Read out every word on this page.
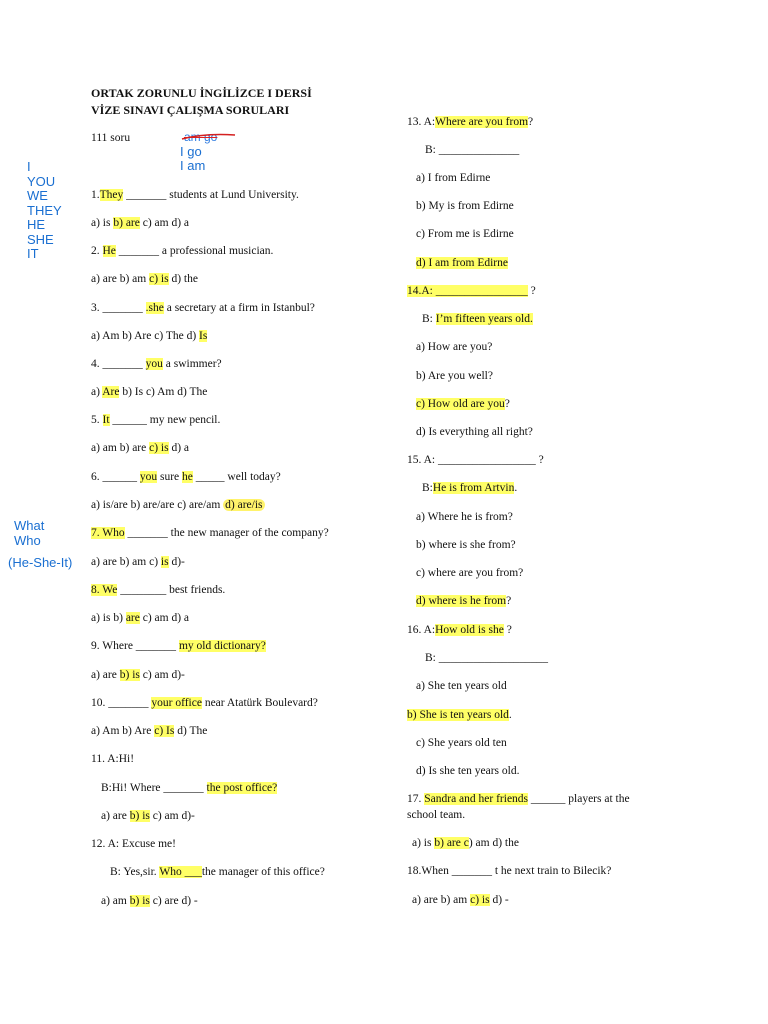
ORTAK ZORUNLU İNGİLİZCE I DERSİ
VİZE SINAVI ÇALIŞMA SORULARI
111 soru	am go
I go
I am
I
YOU
WE
THEY
HE
SHE
IT
What
Who
(He-She-It)
1.They _______ students at Lund University.
a) is b) are c) am d) a
2. He _______ a professional musician.
a) are b) am c) is d) the
3. _______ .she a secretary at a firm in Istanbul?
a) Am b) Are c) The d) Is
4. _______ you a swimmer?
a) Are b) Is c) Am d) The
5. It ______ my new pencil.
a) am b) are c) is d) a
6. ______ you sure he _____ well today?
a) is/are b) are/are c) are/am d) are/is
7. Who _______ the new manager of the company?
a) are b) am c) is d)-
8. We ________ best friends.
a) is b) are c) am d) a
9. Where _______ my old dictionary?
a) are b) is c) am d)-
10. _______ your office near Atatürk Boulevard?
a) Am b) Are c) Is d) The
11. A:Hi!
B:Hi! Where _______ the post office?
a) are b) is c) am d)-
12. A: Excuse me!
B: Yes,sir. Who ___the manager of this office?
a) am b) is c) are d) -
13. A:Where are you from?
B: ______________
a) I from Edirne
b) My is from Edirne
c) From me is Edirne
d) I am from Edirne
14.A: ________________ ?
B: I’m fifteen years old.
a) How are you?
b) Are you well?
c) How old are you?
d) Is everything all right?
15. A: _________________ ?
B:He is from Artvin.
a) Where he is from?
b) where is she from?
c) where are you from?
d) where is he from?
16. A:How old is she ?
B: ___________________
a) She ten years old
b) She is ten years old.
c) She years old ten
d) Is she ten years old.
17. Sandra and her friends ______ players at the
school team.
a) is b) are c) am d) the
18.When _______ t he next train to Bilecik?
a) are b) am c) is d) -
